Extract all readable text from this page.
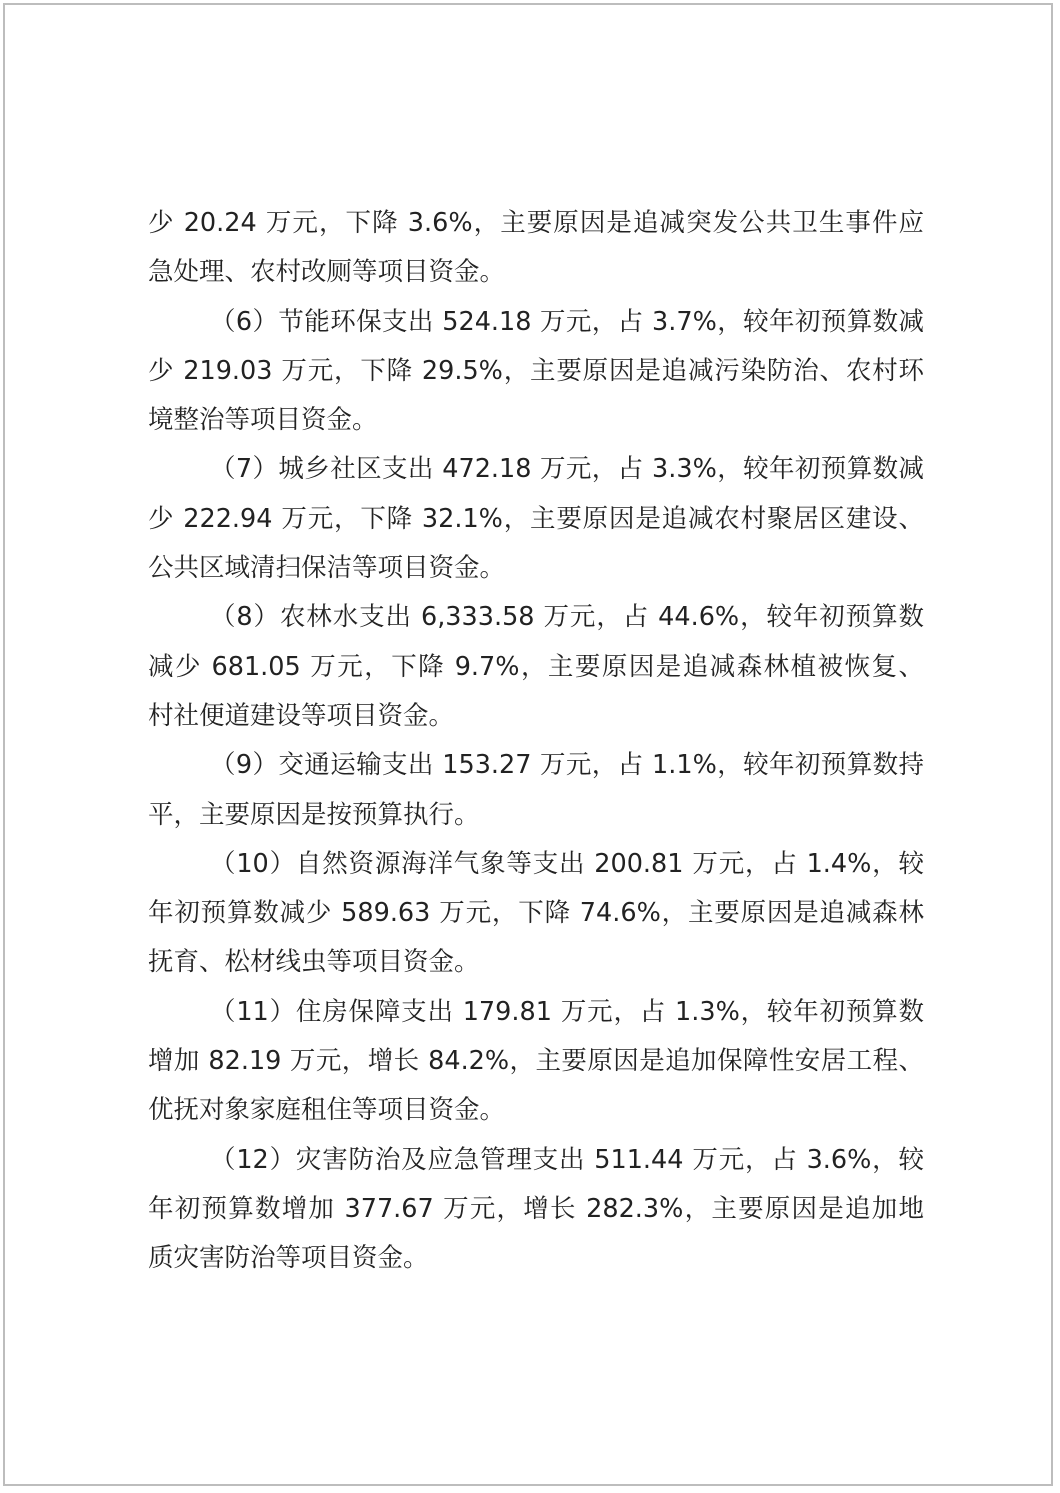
少 20.24 万元，下降 3.6%，主要原因是追减突发公共卫生事件应
急处理、农村改厕等项目资金。
（6）节能环保支出 524.18 万元，占 3.7%，较年初预算数减
少 219.03 万元，下降 29.5%，主要原因是追减污染防治、农村环
境整治等项目资金。
（7）城乡社区支出 472.18 万元，占 3.3%，较年初预算数减
少 222.94 万元，下降 32.1%，主要原因是追减农村聚居区建设、
公共区域清扫保洁等项目资金。
（8）农林水支出 6,333.58 万元，占 44.6%，较年初预算数
减少 681.05 万元，下降 9.7%，主要原因是追减森林植被恢复、
村社便道建设等项目资金。
（9）交通运输支出 153.27 万元，占 1.1%，较年初预算数持
平，主要原因是按预算执行。
（10）自然资源海洋气象等支出 200.81 万元，占 1.4%，较
年初预算数减少 589.63 万元，下降 74.6%，主要原因是追减森林
抚育、松材线虫等项目资金。
（11）住房保障支出 179.81 万元，占 1.3%，较年初预算数
增加 82.19 万元，增长 84.2%，主要原因是追加保障性安居工程、
优抚对象家庭租住等项目资金。
（12）灾害防治及应急管理支出 511.44 万元，占 3.6%，较
年初预算数增加 377.67 万元，增长 282.3%，主要原因是追加地
质灾害防治等项目资金。
